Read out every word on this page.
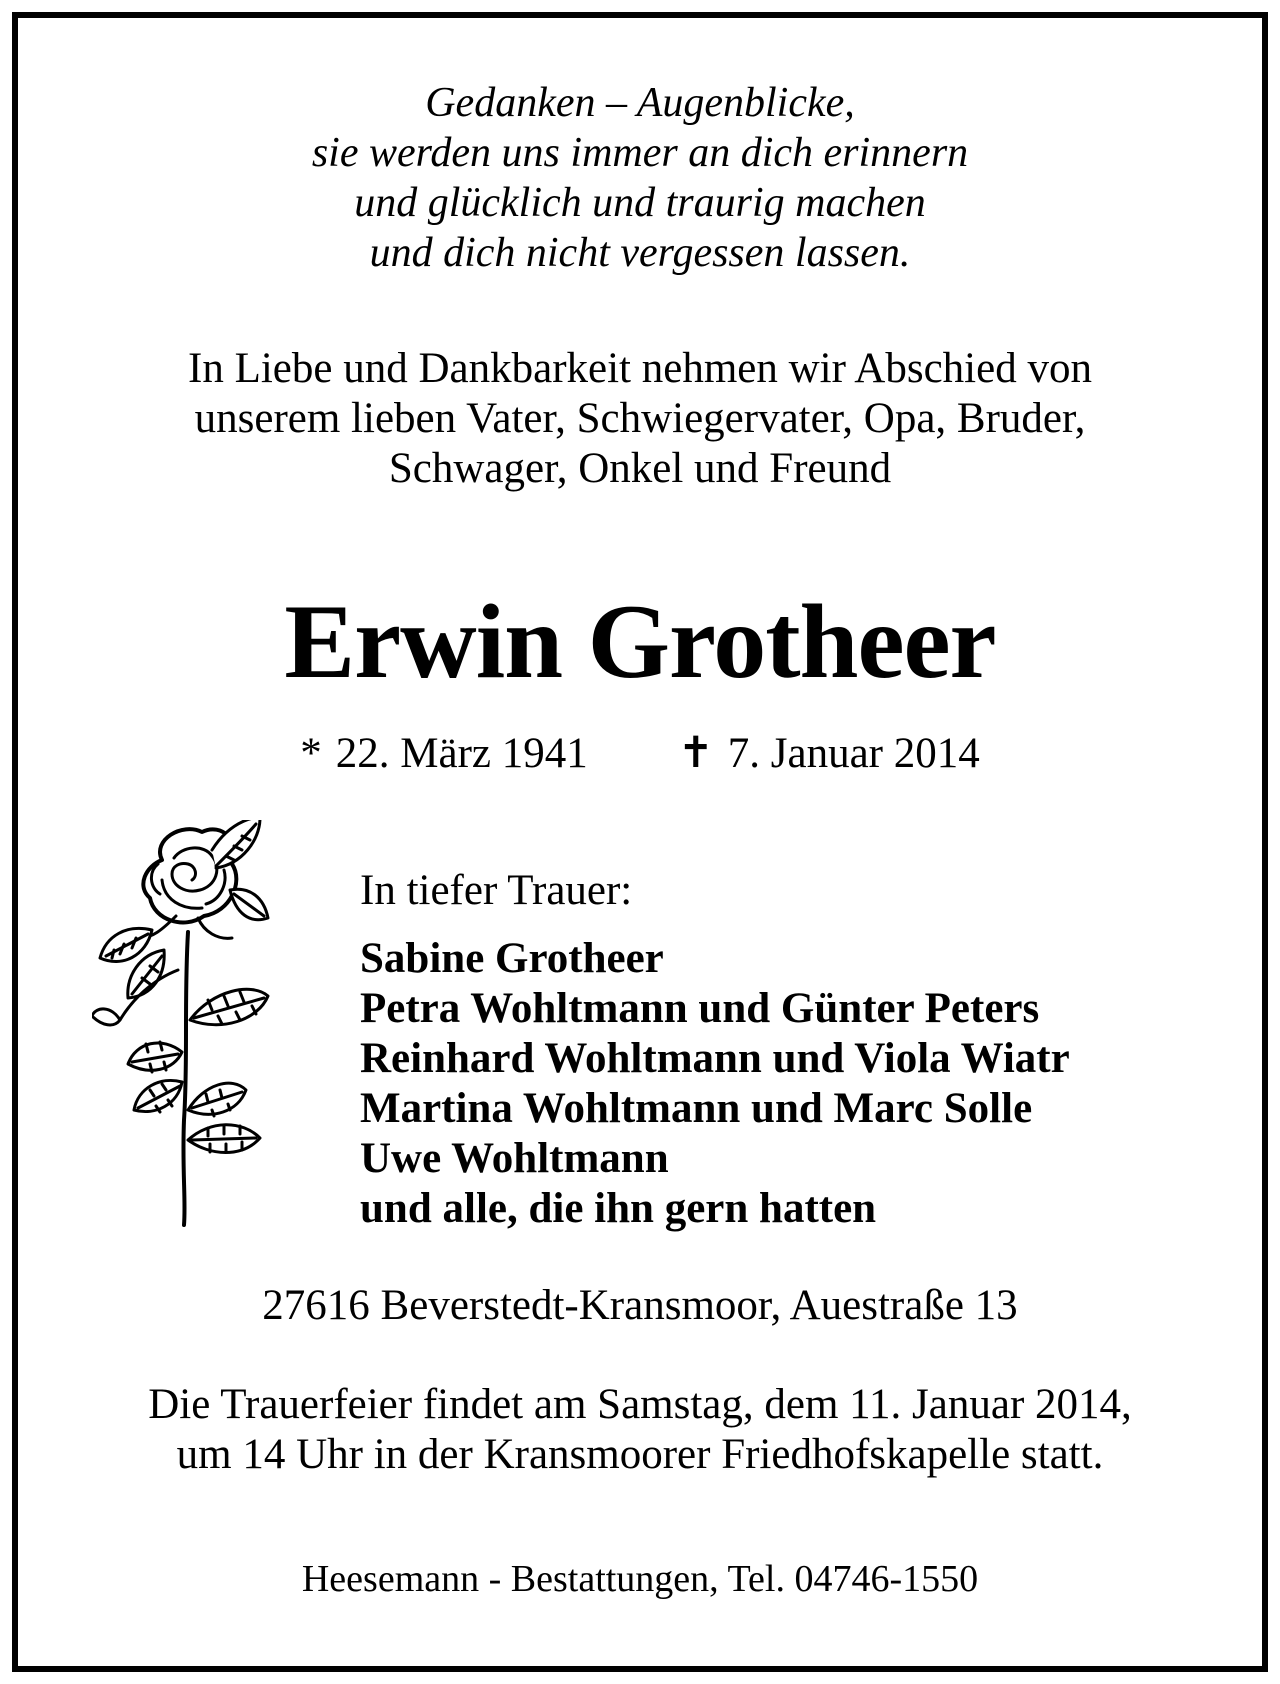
Gedanken – Augenblicke,
sie werden uns immer an dich erinnern
und glücklich und traurig machen
und dich nicht vergessen lassen.
In Liebe und Dankbarkeit nehmen wir Abschied von
unserem lieben Vater, Schwiegervater, Opa, Bruder,
Schwager, Onkel und Freund
Erwin Grotheer
* 22. März 1941 ✝ 7. Januar 2014
In tiefer Trauer:
Sabine Grotheer
Petra Wohltmann und Günter Peters
Reinhard Wohltmann und Viola Wiatr
Martina Wohltmann und Marc Solle
Uwe Wohltmann
und alle, die ihn gern hatten
27616 Beverstedt-Kransmoor, Auestraße 13
Die Trauerfeier findet am Samstag, dem 11. Januar 2014,
um 14 Uhr in der Kransmoorer Friedhofskapelle statt.
Heesemann - Bestattungen, Tel. 04746-1550
